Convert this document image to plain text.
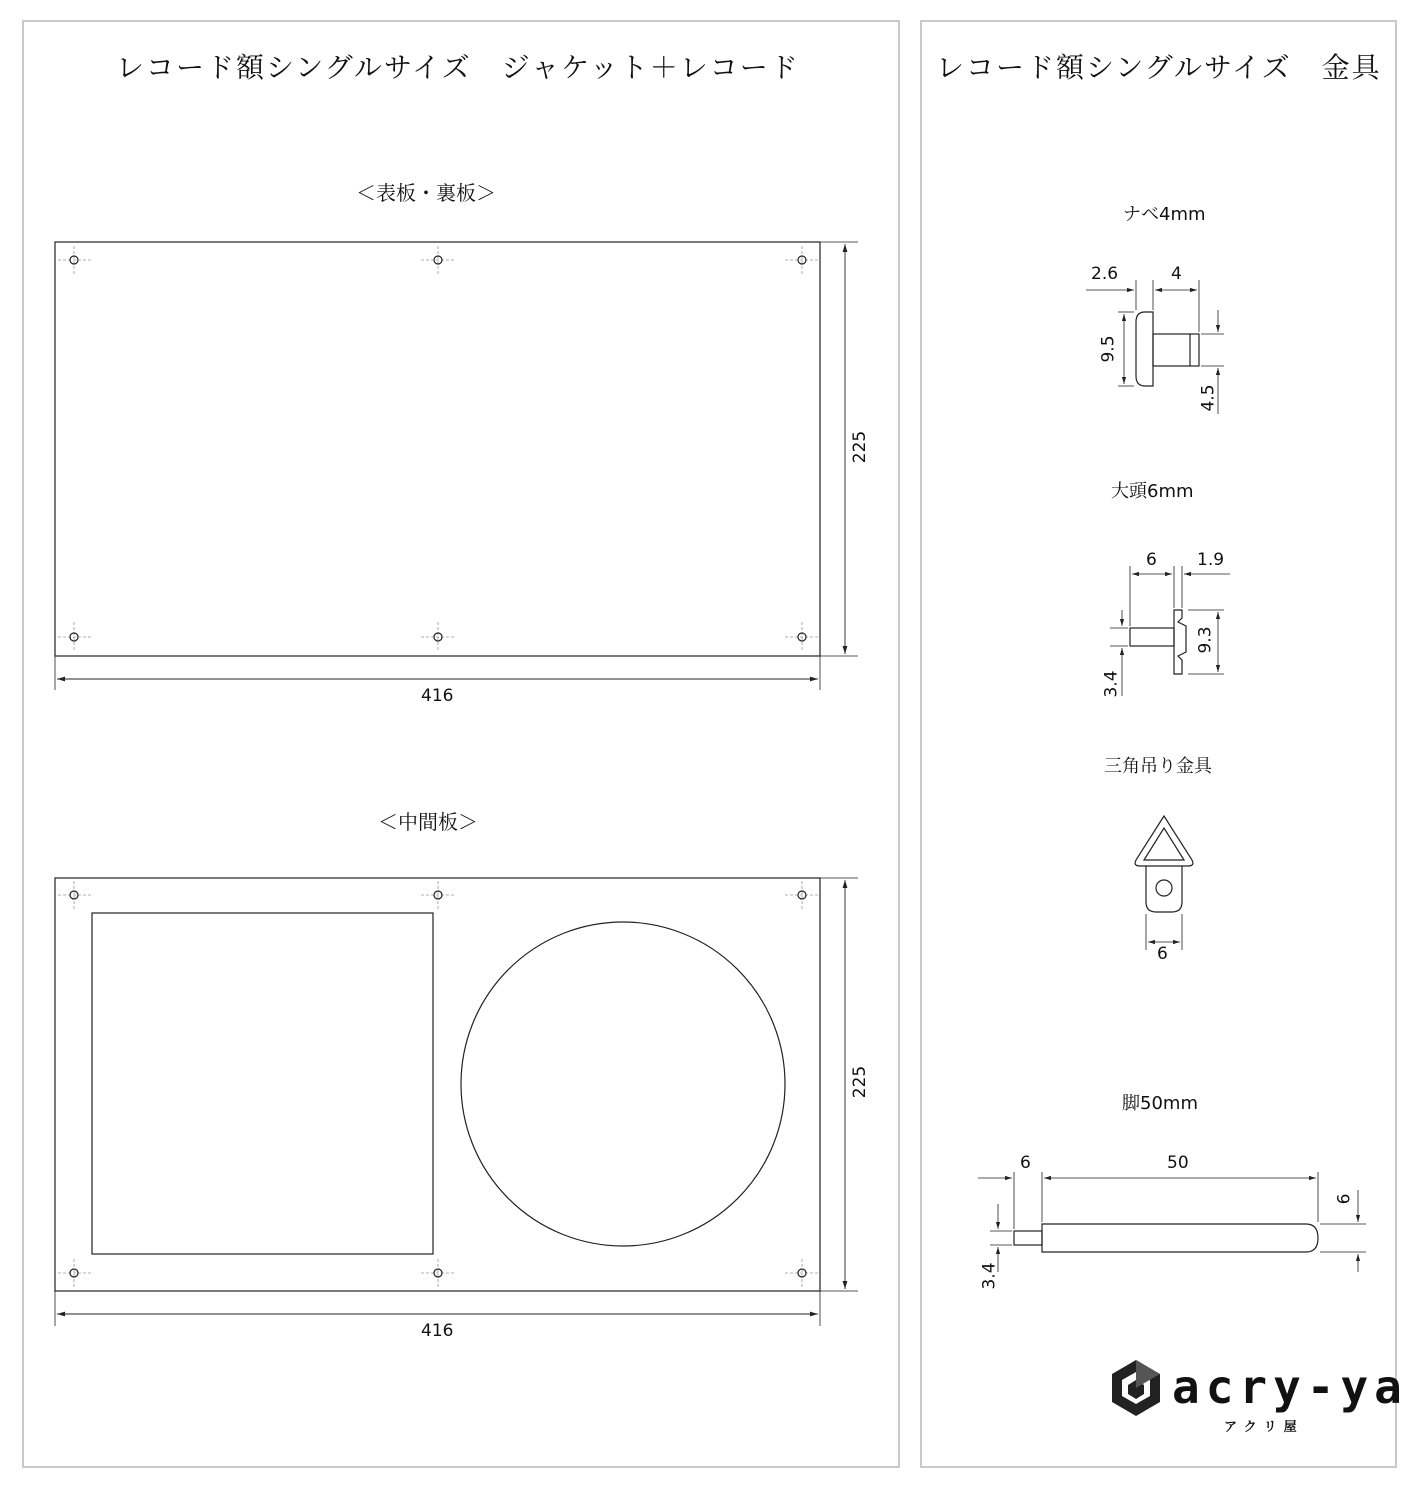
レコード額シングルサイズ　ジャケット＋レコード
＜表板・裏板＞
225
416
＜中間板＞
225
416
レコード額シングルサイズ　金具
ナベ4mm
2.6	4
9.5
4.5
大頭6mm
6 1.9
9.3
3.4
三角吊り金具
6
脚50mm
6	50
6
3.4
acry-ya
アクリ屋
